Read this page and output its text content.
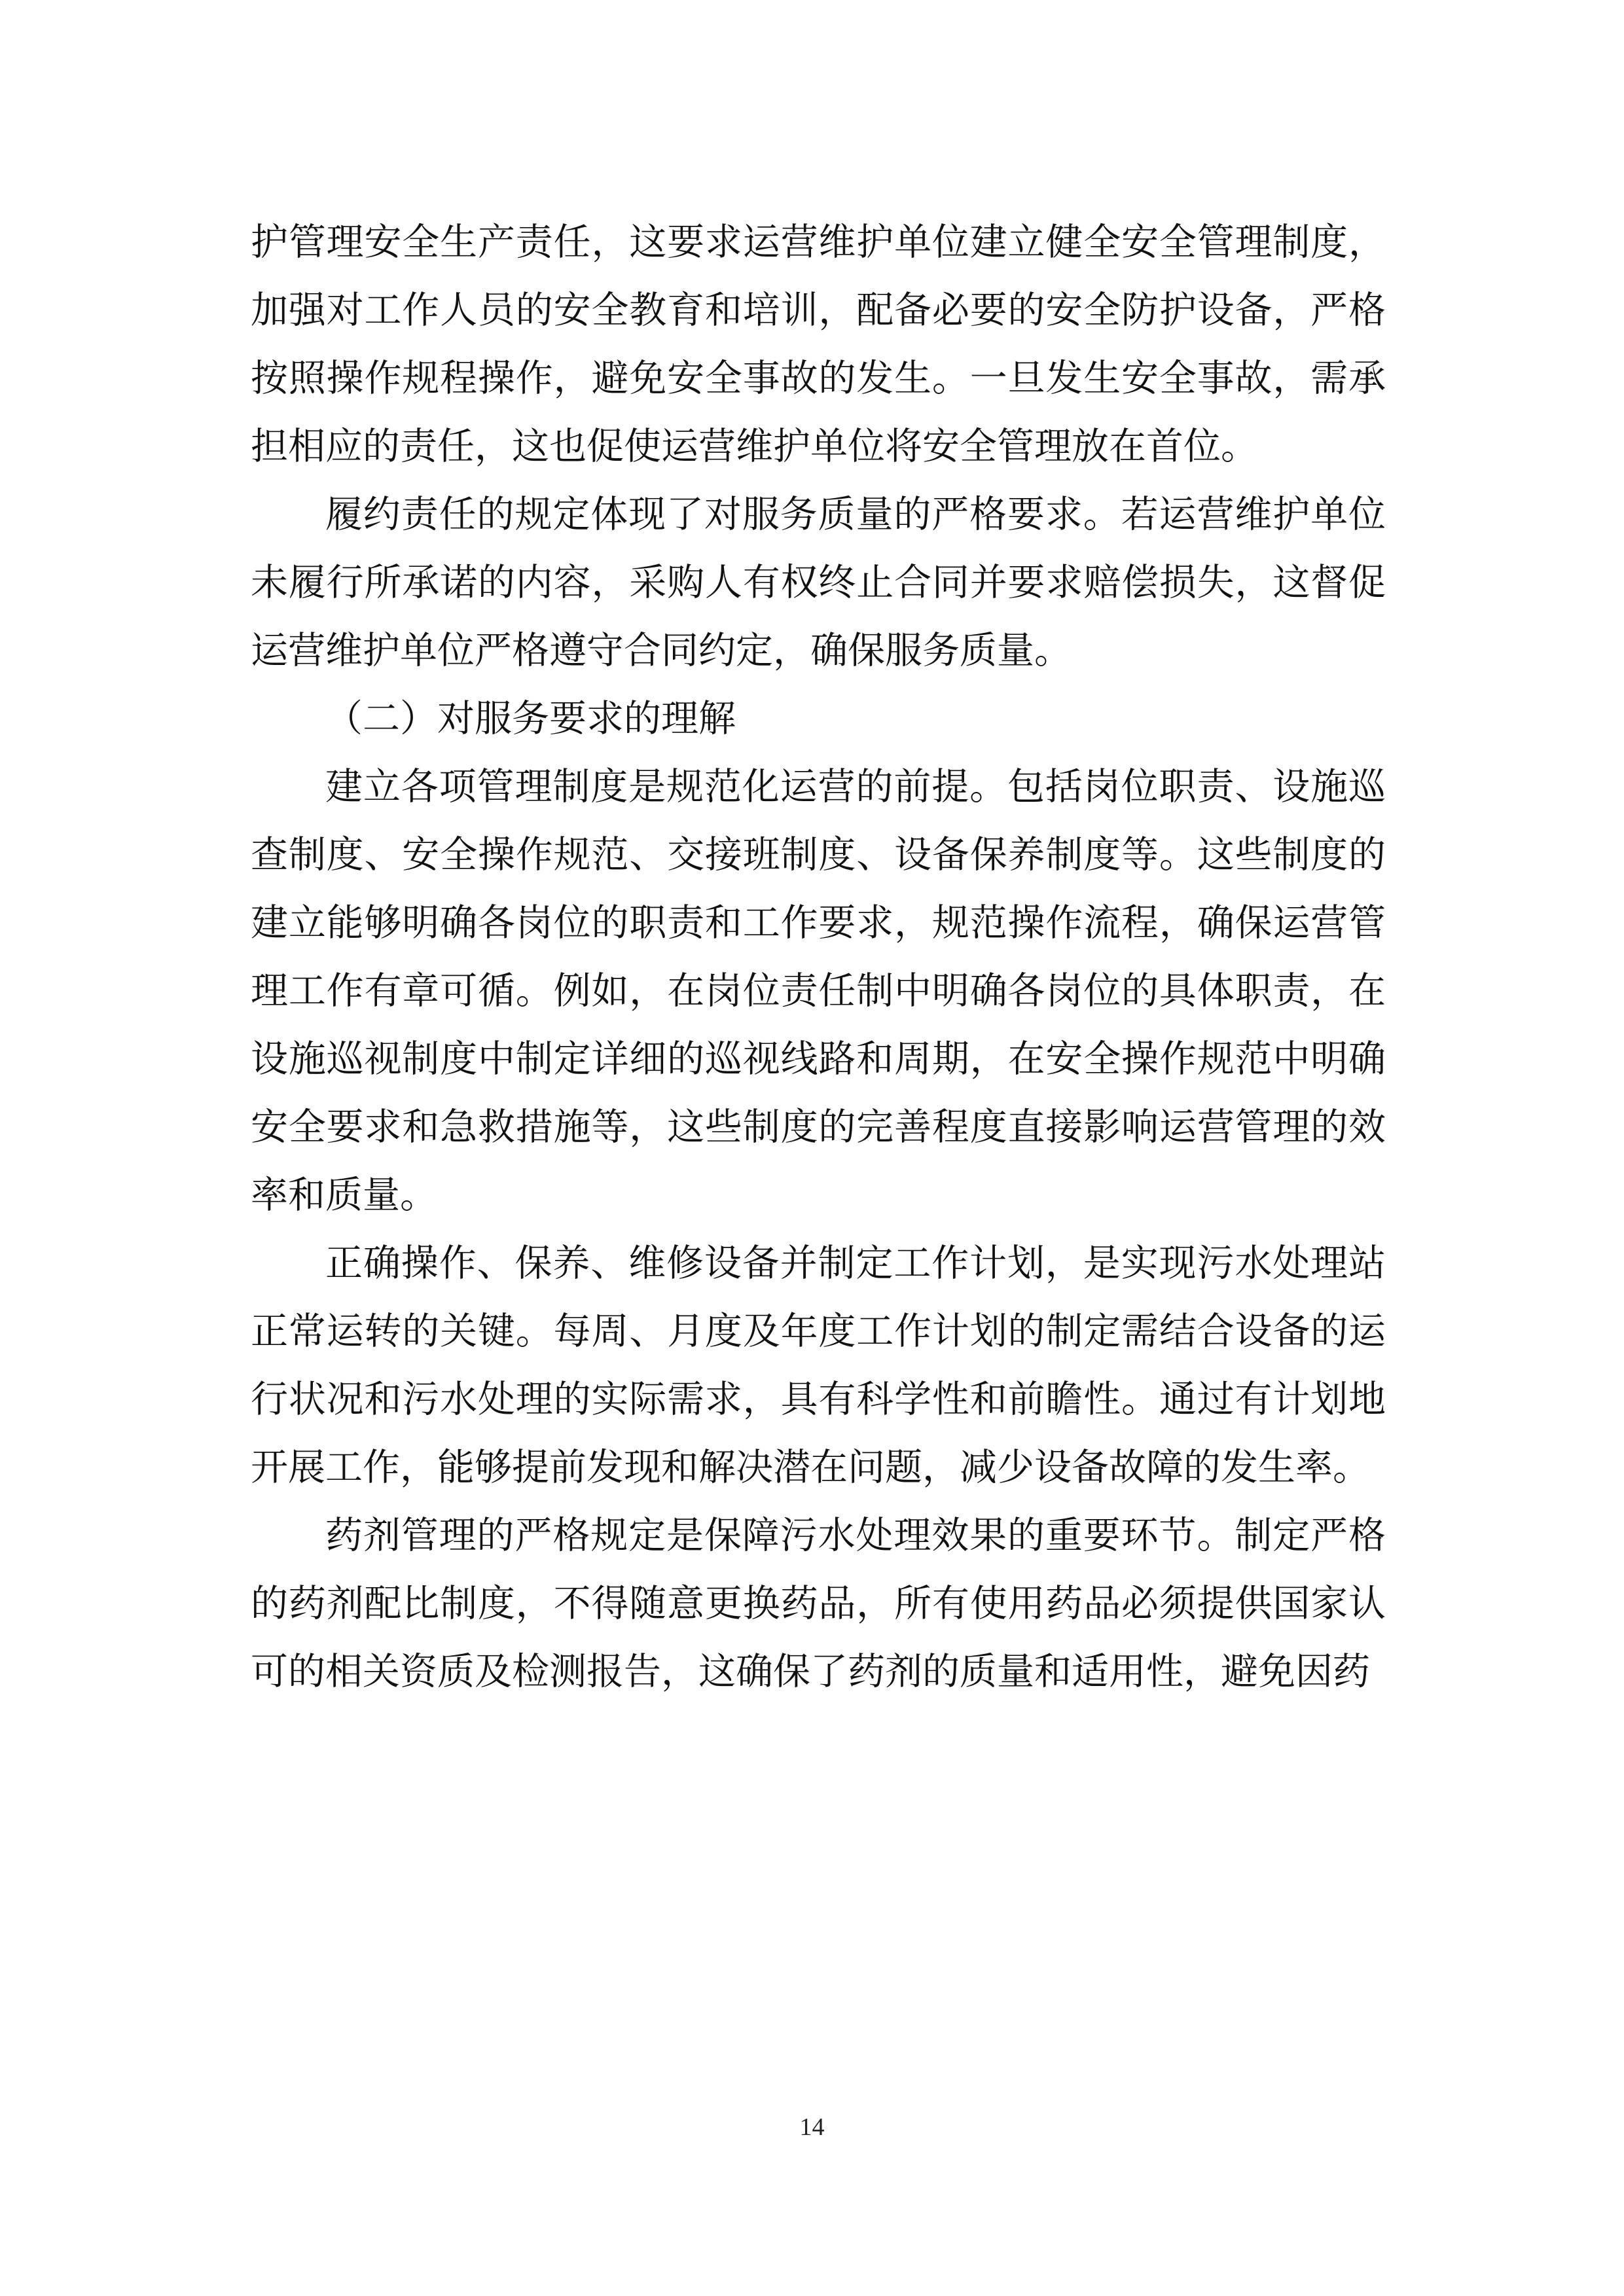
护管理安全生产责任，这要求运营维护单位建立健全安全管理制度，加强对工作人员的安全教育和培训，配备必要的安全防护设备，严格按照操作规程操作，避免安全事故的发生。一旦发生安全事故，需承担相应的责任，这也促使运营维护单位将安全管理放在首位。

履约责任的规定体现了对服务质量的严格要求。若运营维护单位未履行所承诺的内容，采购人有权终止合同并要求赔偿损失，这督促运营维护单位严格遵守合同约定，确保服务质量。

（二）对服务要求的理解

建立各项管理制度是规范化运营的前提。包括岗位职责、设施巡查制度、安全操作规范、交接班制度、设备保养制度等。这些制度的建立能够明确各岗位的职责和工作要求，规范操作流程，确保运营管理工作有章可循。例如，在岗位责任制中明确各岗位的具体职责，在设施巡视制度中制定详细的巡视线路和周期，在安全操作规范中明确安全要求和急救措施等，这些制度的完善程度直接影响运营管理的效率和质量。

正确操作、保养、维修设备并制定工作计划，是实现污水处理站正常运转的关键。每周、月度及年度工作计划的制定需结合设备的运行状况和污水处理的实际需求，具有科学性和前瞻性。通过有计划地开展工作，能够提前发现和解决潜在问题，减少设备故障的发生率。

药剂管理的严格规定是保障污水处理效果的重要环节。制定严格的药剂配比制度，不得随意更换药品，所有使用药品必须提供国家认可的相关资质及检测报告，这确保了药剂的质量和适用性，避免因药

14
